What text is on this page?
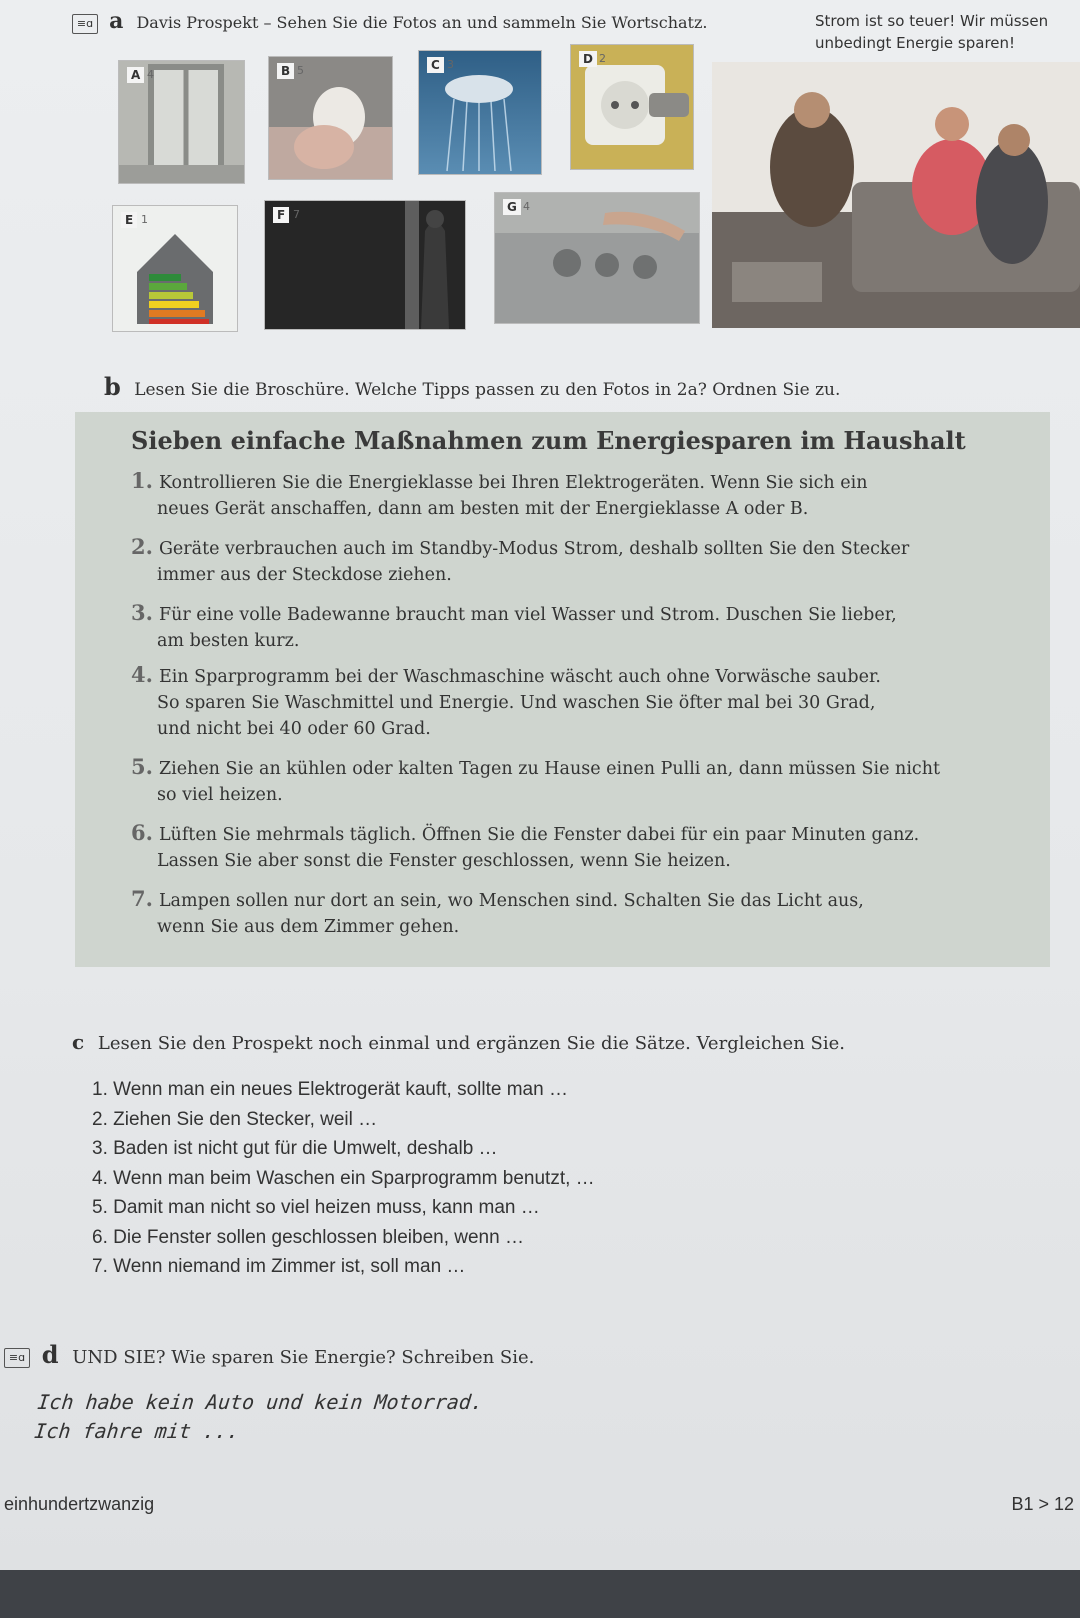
≡ɑ a Davis Prospekt – Sehen Sie die Fotos an und sammeln Sie Wortschatz.
A 4	B 5	C 3	D 2
E 1	F 7
G 4
Strom ist so teuer! Wir müssen
unbedingt Energie sparen!
b Lesen Sie die Broschüre. Welche Tipps passen zu den Fotos in 2a? Ordnen Sie zu.
Sieben einfache Maßnahmen zum Energiesparen im Haushalt
1. Kontrollieren Sie die Energieklasse bei Ihren Elektrogeräten. Wenn Sie sich ein
neues Gerät anschaffen, dann am besten mit der Energieklasse A oder B.
2. Geräte verbrauchen auch im Standby-Modus Strom, deshalb sollten Sie den Stecker
immer aus der Steckdose ziehen.
3. Für eine volle Badewanne braucht man viel Wasser und Strom. Duschen Sie lieber,
am besten kurz.
4. Ein Sparprogramm bei der Waschmaschine wäscht auch ohne Vorwäsche sauber.
So sparen Sie Waschmittel und Energie. Und waschen Sie öfter mal bei 30 Grad,
und nicht bei 40 oder 60 Grad.
5. Ziehen Sie an kühlen oder kalten Tagen zu Hause einen Pulli an, dann müssen Sie nicht
so viel heizen.
6. Lüften Sie mehrmals täglich. Öffnen Sie die Fenster dabei für ein paar Minuten ganz.
Lassen Sie aber sonst die Fenster geschlossen, wenn Sie heizen.
7. Lampen sollen nur dort an sein, wo Menschen sind. Schalten Sie das Licht aus,
wenn Sie aus dem Zimmer gehen.
c Lesen Sie den Prospekt noch einmal und ergänzen Sie die Sätze. Vergleichen Sie.
1. Wenn man ein neues Elektrogerät kauft, sollte man …
2. Ziehen Sie den Stecker, weil …
3. Baden ist nicht gut für die Umwelt, deshalb …
4. Wenn man beim Waschen ein Sparprogramm benutzt, …
5. Damit man nicht so viel heizen muss, kann man …
6. Die Fenster sollen geschlossen bleiben, wenn …
7. Wenn niemand im Zimmer ist, soll man …
≡ɑ d UND SIE? Wie sparen Sie Energie? Schreiben Sie.
Ich habe kein Auto und kein Motorrad.
Ich fahre mit ...
einhundertzwanzig	B1 > 12
